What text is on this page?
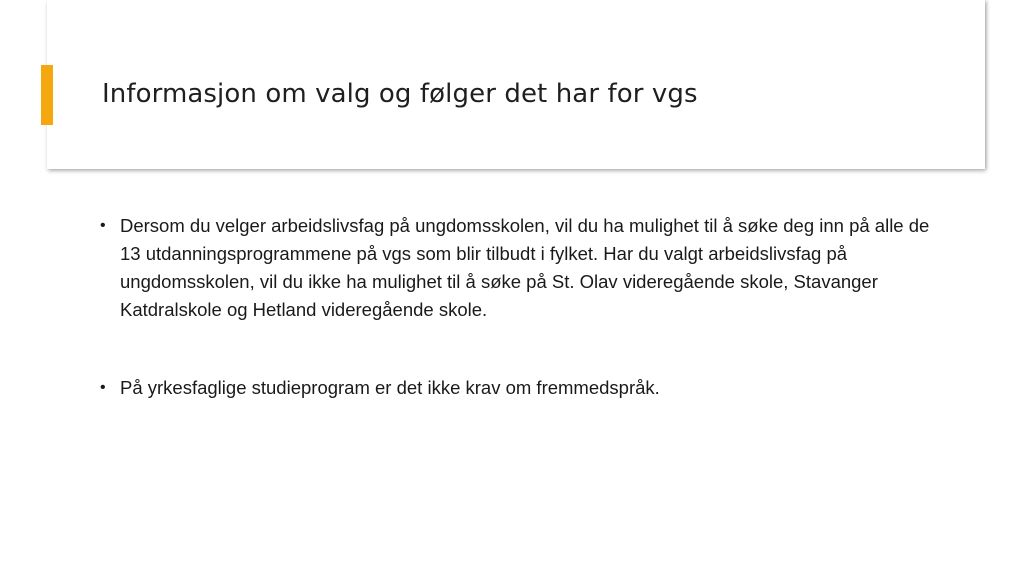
Informasjon om valg og følger det har for vgs
• Dersom du velger arbeidslivsfag på ungdomsskolen, vil du ha mulighet til å søke deg inn på alle de 13 utdanningsprogrammene på vgs som blir tilbudt i fylket. Har du valgt arbeidslivsfag på ungdomsskolen, vil du ikke ha mulighet til å søke på St. Olav videregående skole, Stavanger Katdralskole og Hetland videregående skole.
• På yrkesfaglige studieprogram er det ikke krav om fremmedspråk.
